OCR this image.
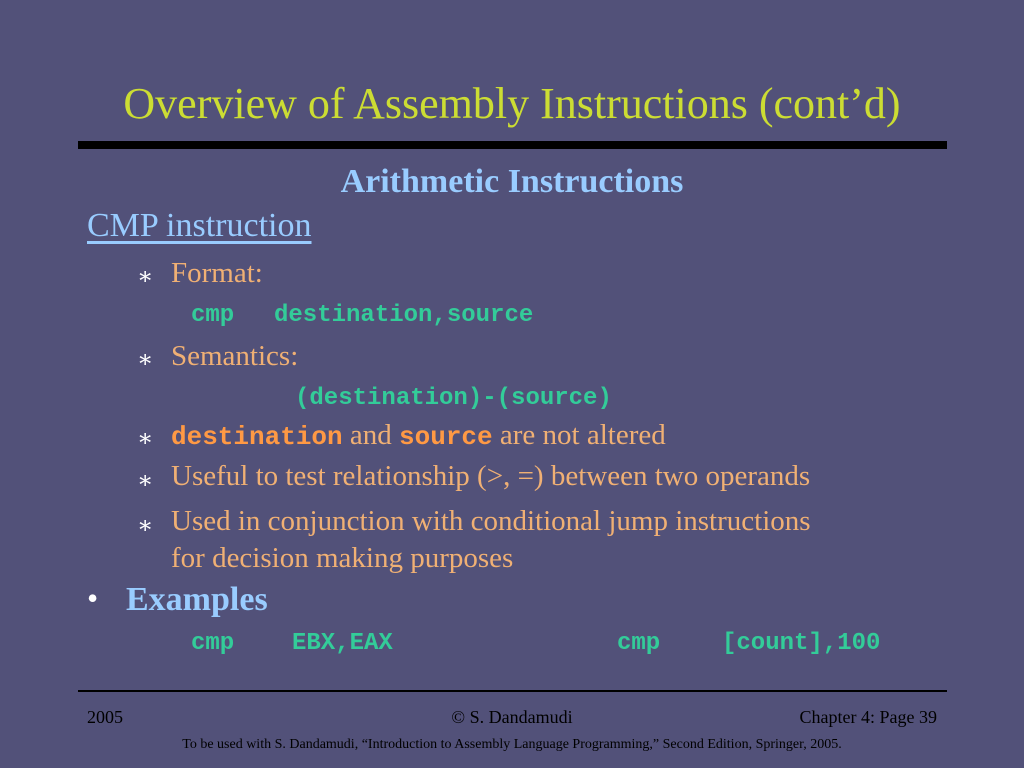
Overview of Assembly Instructions (cont’d)
Arithmetic Instructions
CMP instruction
∗ Format:
cmp destination,source
∗ Semantics:
(destination)-(source)
∗ destination and source are not altered
∗ Useful to test relationship (>, =) between two operands
∗ Used in conjunction with conditional jump instructions
for decision making purposes
• Examples
cmp EBX,EAX	cmp	[count],100
2005	© S. Dandamudi	Chapter 4: Page 39
To be used with S. Dandamudi, “Introduction to Assembly Language Programming,” Second Edition, Springer, 2005.
